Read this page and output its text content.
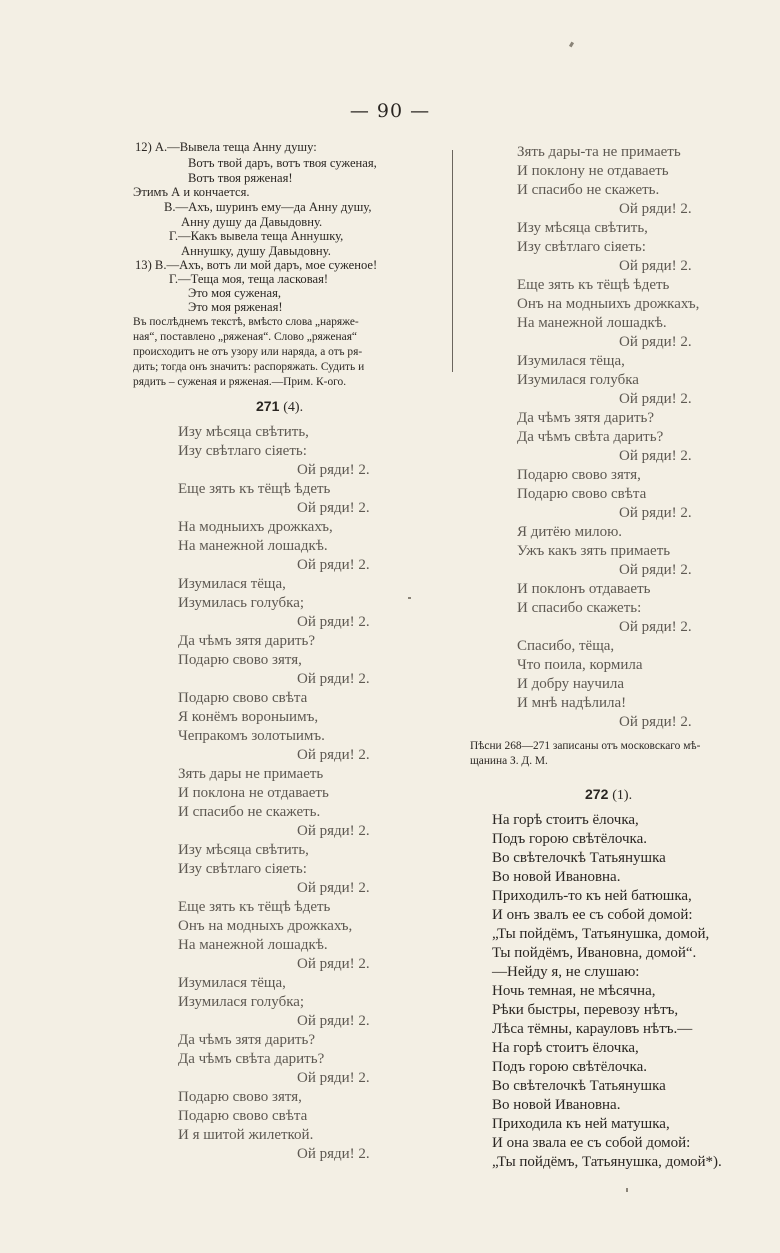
— 90 —
12) А.—Вывела теща Анну душу:
Вотъ твой даръ, вотъ твоя суженая,
Вотъ твоя ряженая!
Этимъ А и кончается.
В.—Ахъ, шуринъ ему—да Анну душу,
Анну душу да Давыдовну.
Г.—Какъ вывела теща Аннушку,
Аннушку, душу Давыдовну.
13) В.—Ахъ, вотъ ли мой даръ, мое суженое!
Г.—Теща моя, теща ласковая!
Это моя суженая,
Это моя ряженая!
Въ послѣднемъ текстѣ, вмѣсто слова „наряже-
ная“, поставлено „ряженая“. Слово „ряженая“
происходитъ не отъ узору или наряда, а отъ ря-
дить; тогда онъ значитъ: распоряжать. Судить и
рядить – суженая и ряженая.—Прим. К-ого.
271 (4).
Изу мѣсяца свѣтить,
Изу свѣтлаго сіяеть:
Ой ряди! 2.
Еще зять къ тёщѣ ѣдеть
Ой ряди! 2.
На модныихъ дрожкахъ,
На манежной лошадкѣ.
Ой ряди! 2.
Изумилася тёща,
Изумилась голубка;
Ой ряди! 2.
Да чѣмъ зятя дарить?
Подарю свово зятя,
Ой ряди! 2.
Подарю свово свѣта
Я конёмъ вороныимъ,
Чепракомъ золотыимъ.
Ой ряди! 2.
Зять дары не примаеть
И поклона не отдаваеть
И спасибо не скажеть.
Ой ряди! 2.
Изу мѣсяца свѣтить,
Изу свѣтлаго сіяеть:
Ой ряди! 2.
Еще зять къ тёщѣ ѣдеть
Онъ на модныхъ дрожкахъ,
На манежной лошадкѣ.
Ой ряди! 2.
Изумилася тёща,
Изумилася голубка;
Ой ряди! 2.
Да чѣмъ зятя дарить?
Да чѣмъ свѣта дарить?
Ой ряди! 2.
Подарю свово зятя,
Подарю свово свѣта
И я шитой жилеткой.
Ой ряди! 2.
Зять дары-та не примаеть
И поклону не отдаваеть
И спасибо не скажеть.
Ой ряди! 2.
Изу мѣсяца свѣтить,
Изу свѣтлаго сіяеть:
Ой ряди! 2.
Еще зять къ тёщѣ ѣдеть
Онъ на модныихъ дрожкахъ,
На манежной лошадкѣ.
Ой ряди! 2.
Изумилася тёща,
Изумилася голубка
Ой ряди! 2.
Да чѣмъ зятя дарить?
Да чѣмъ свѣта дарить?
Ой ряди! 2.
Подарю свово зятя,
Подарю свово свѣта
Ой ряди! 2.
Я дитёю милою.
Ужъ какъ зять примаеть
Ой ряди! 2.
И поклонъ отдаваеть
И спасибо скажеть:
Ой ряди! 2.
Спасибо, тёща,
Что поила, кормила
И добру научила
И мнѣ надѣлила!
Ой ряди! 2.
Пѣсни 268—271 записаны отъ московскаго мѣ-
щанина З. Д. М.
272 (1).
На горѣ стоитъ ёлочка,
Подъ горою свѣтёлочка.
Во свѣтелочкѣ Татьянушка
Во новой Ивановна.
Приходилъ-то къ ней батюшка,
И онъ звалъ ее съ собой домой:
„Ты пойдёмъ, Татьянушка, домой,
Ты пойдёмъ, Ивановна, домой“.
—Нейду я, не слушаю:
Ночь темная, не мѣсячна,
Рѣки быстры, перевозу нѣтъ,
Лѣса тёмны, карауловъ нѣтъ.—
На горѣ стоитъ ёлочка,
Подъ горою свѣтёлочка.
Во свѣтелочкѣ Татьянушка
Во новой Ивановна.
Приходила къ ней матушка,
И она звала ее съ собой домой:
„Ты пойдёмъ, Татьянушка, домой*).
